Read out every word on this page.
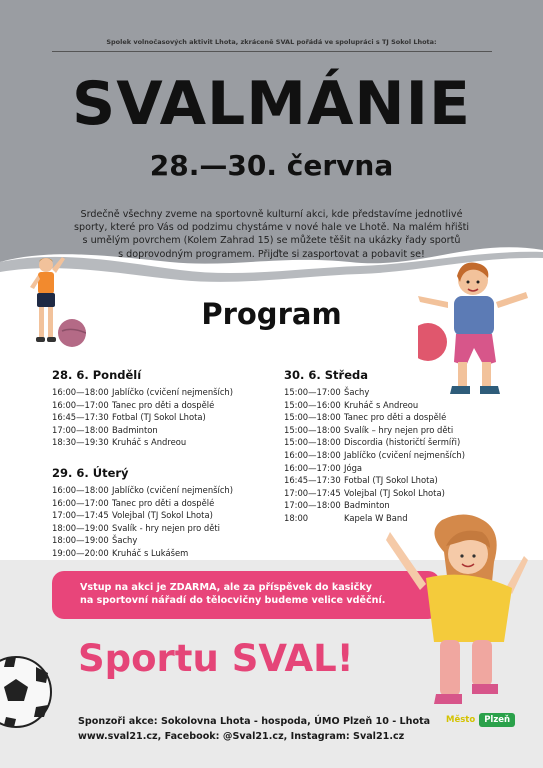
Spolek volnočasových aktivit Lhota, zkráceně SVAL pořádá ve spolupráci s TJ Sokol Lhota:
SVALMÁNIE
28.—30. června
Srdečně všechny zveme na sportovně kulturní akci, kde představíme jednotlivé
sporty, které pro Vás od podzimu chystáme v nové hale ve Lhotě. Na malém hřišti
s umělým povrchem (Kolem Zahrad 15) se můžete těšit na ukázky řady sportů
s doprovodným programem. Přijďte si zasportovat a pobavit se!
Program
28. 6. Pondělí
16:00—18:00 Jablíčko (cvičení nejmenších)
16:00—17:00 Tanec pro děti a dospělé
16:45—17:30 Fotbal (TJ Sokol Lhota)
17:00—18:00 Badminton
18:30—19:30 Kruháč s Andreou
29. 6. Úterý
16:00—18:00 Jablíčko (cvičení nejmenších)
16:00—17:00 Tanec pro děti a dospělé
17:00—17:45 Volejbal (TJ Sokol Lhota)
18:00—19:00 Svalík - hry nejen pro děti
18:00—19:00 Šachy
19:00—20:00 Kruháč s Lukášem
30. 6. Středa
15:00—17:00 Šachy
15:00—16:00 Kruháč s Andreou
15:00—18:00 Tanec pro děti a dospělé
15:00—18:00 Svalík – hry nejen pro děti
15:00—18:00 Discordia (historičtí šermíři)
16:00—18:00 Jablíčko (cvičení nejmenších)
16:00—17:00 Jóga
16:45—17:30 Fotbal (TJ Sokol Lhota)
17:00—17:45 Volejbal (TJ Sokol Lhota)
17:00—18:00 Badminton
18:00	Kapela W Band
Vstup na akci je ZDARMA, ale za příspěvek do kasičky
na sportovní nářadí do tělocvičny budeme velice vděční.
Sportu SVAL!
Sponzoři akce: Sokolovna Lhota - hospoda, ÚMO Plzeň 10 - Lhota
www.sval21.cz, Facebook: @Sval21.cz, Instagram: Sval21.cz
Město	Plzeň
